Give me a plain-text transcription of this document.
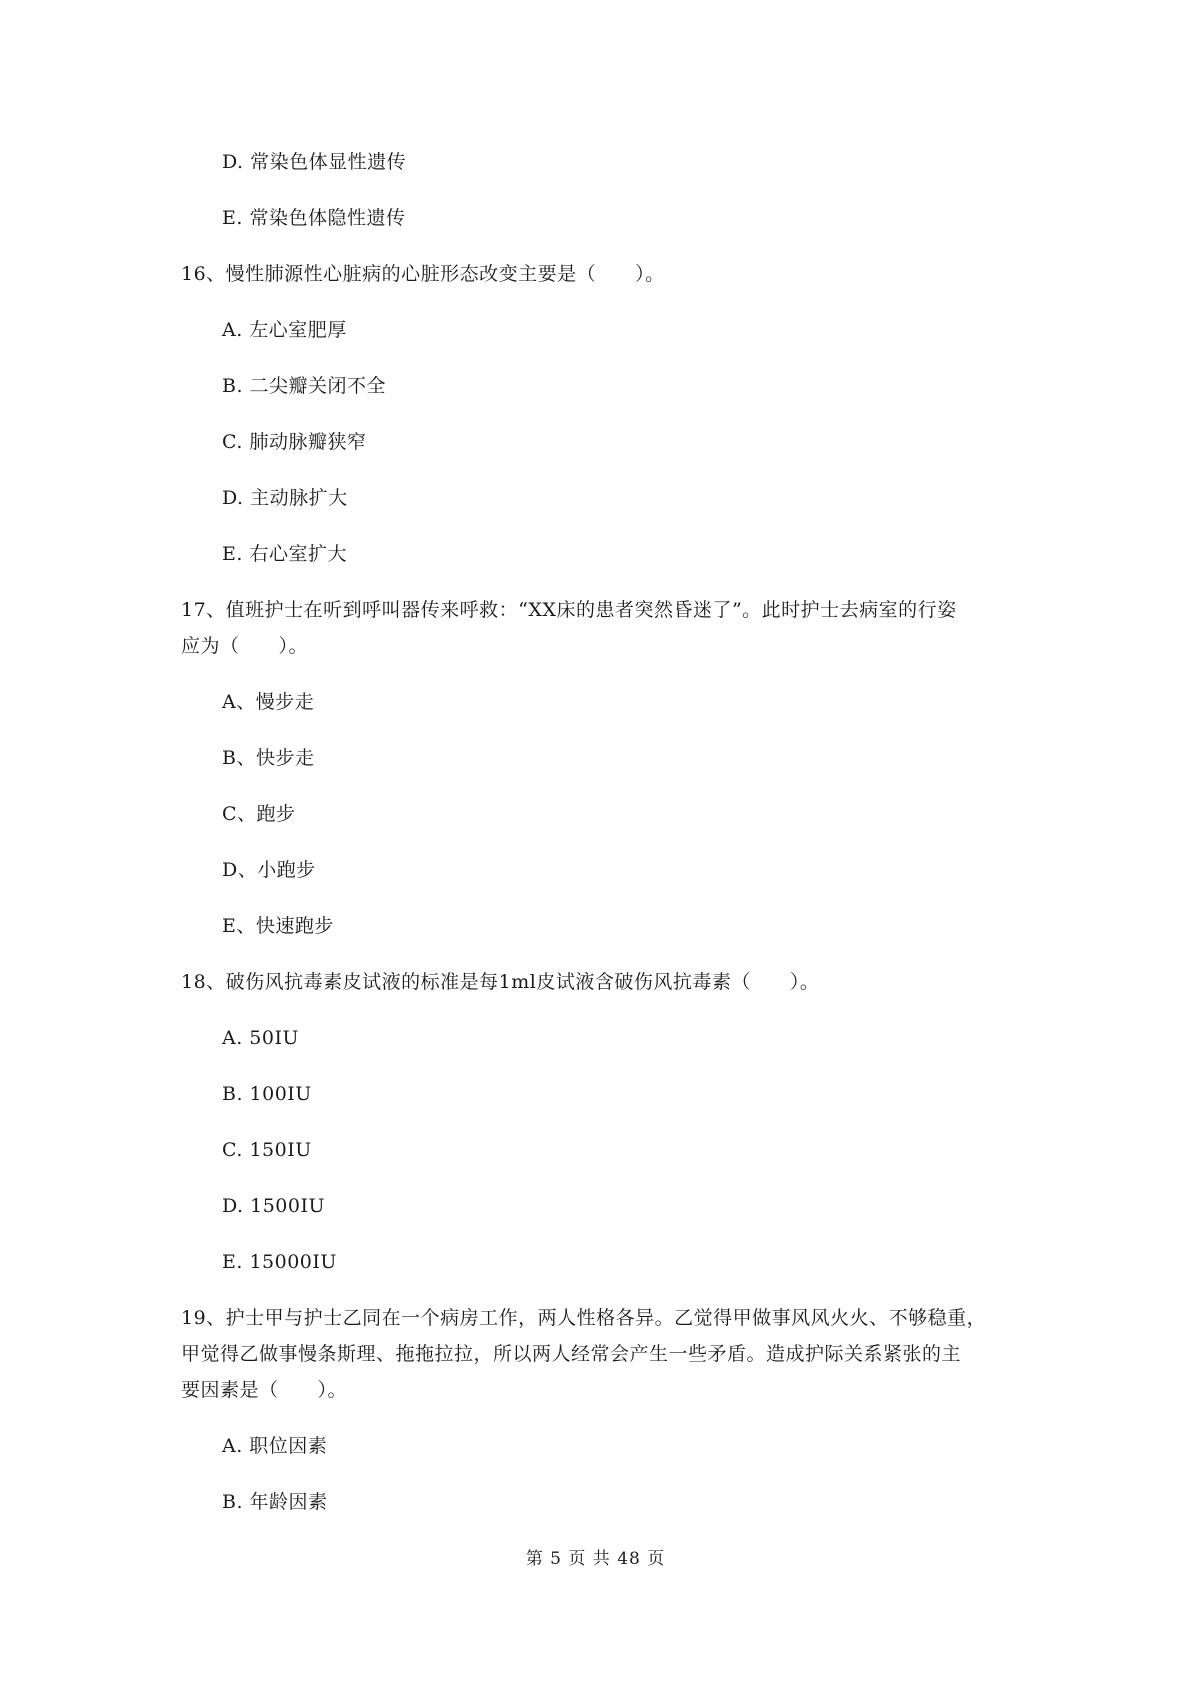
D. 常染色体显性遗传
E. 常染色体隐性遗传
16、慢性肺源性心脏病的心脏形态改变主要是（　　）。
A. 左心室肥厚
B. 二尖瓣关闭不全
C. 肺动脉瓣狭窄
D. 主动脉扩大
E. 右心室扩大
17、值班护士在听到呼叫器传来呼救：“XX床的患者突然昏迷了”。此时护士去病室的行姿
应为（　　）。
A、慢步走
B、快步走
C、跑步
D、小跑步
E、快速跑步
18、破伤风抗毒素皮试液的标准是每1ml皮试液含破伤风抗毒素（　　）。
A. 50IU
B. 100IU
C. 150IU
D. 1500IU
E. 15000IU
19、护士甲与护士乙同在一个病房工作，两人性格各异。乙觉得甲做事风风火火、不够稳重，
甲觉得乙做事慢条斯理、拖拖拉拉，所以两人经常会产生一些矛盾。造成护际关系紧张的主
要因素是（　　）。
A. 职位因素
B. 年龄因素
第 5 页 共 48 页
